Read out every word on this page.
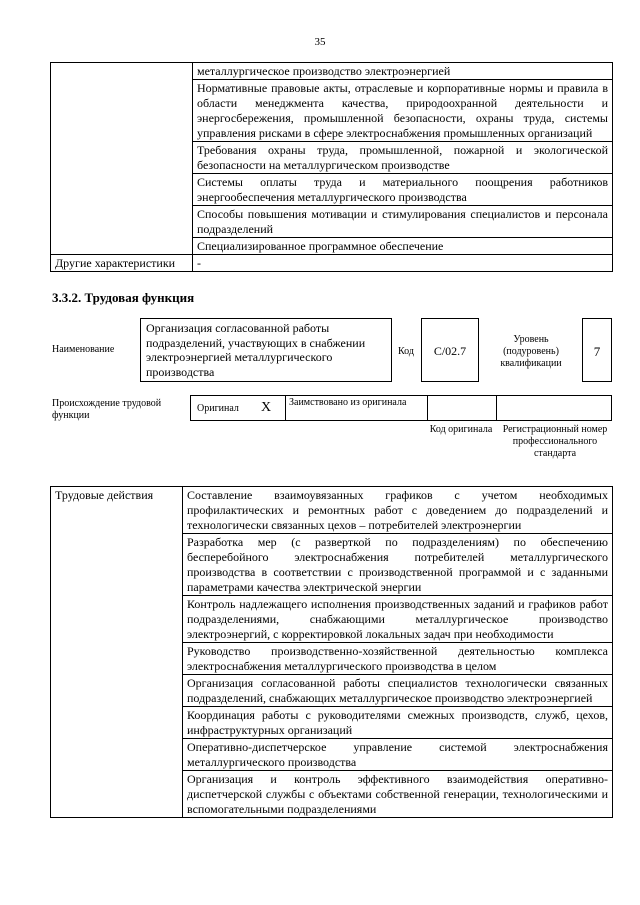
35
	металлургическое производство электроэнергией
	Нормативные правовые акты, отраслевые и корпоративные нормы и правила в области менеджмента качества, природоохранной деятельности и энергосбережения, промышленной безопасности, охраны труда, системы управления рисками в сфере электроснабжения промышленных организаций
	Требования охраны труда, промышленной, пожарной и экологической безопасности на металлургическом производстве
	Системы оплаты труда и материального поощрения работников энергообеспечения металлургического производства
	Способы повышения мотивации и стимулирования специалистов и персонала подразделений
	Специализированное программное обеспечение
Другие характеристики	-
3.3.2. Трудовая функция
Наименование
Организация согласованной работы подразделений, участвующих в снабжении электроэнергией металлургического производства
Код	С/02.7
Уровень (подуровень) квалификации
7
Происхождение трудовой функции
Оригинал X Заимствовано из оригинала
Код оригинала	Регистрационный номер профессионального стандарта
Трудовые действия	Составление взаимоувязанных графиков с учетом необходимых профилактических и ремонтных работ с доведением до подразделений и технологически связанных цехов – потребителей электроэнергии
Разработка мер (с разверткой по подразделениям) по обеспечению бесперебойного электроснабжения потребителей металлургического производства в соответствии с производственной программой и с заданными параметрами качества электрической энергии
Контроль надлежащего исполнения производственных заданий и графиков работ подразделениями, снабжающими металлургическое производство электроэнергий, с корректировкой локальных задач при необходимости
Руководство производственно-хозяйственной деятельностью комплекса электроснабжения металлургического производства в целом
Организация согласованной работы специалистов технологически связанных подразделений, снабжающих металлургическое производство электроэнергией
Координация работы с руководителями смежных производств, служб, цехов, инфраструктурных организаций
Оперативно-диспетчерское управление системой электроснабжения металлургического производства
Организация и контроль эффективного взаимодействия оперативно-диспетчерской службы с объектами собственной генерации, технологическими и вспомогательными подразделениями
